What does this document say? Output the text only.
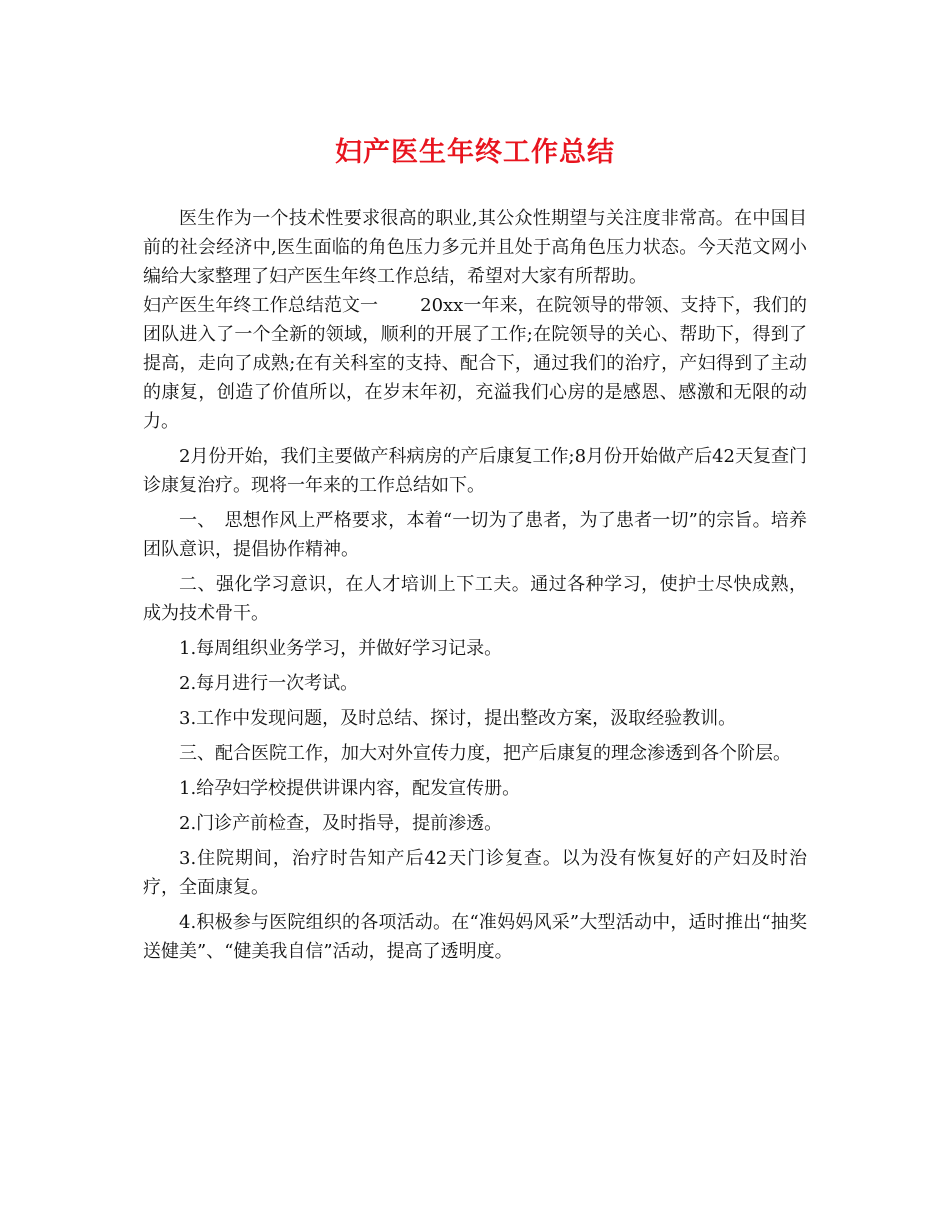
妇产医生年终工作总结

医生作为一个技术性要求很高的职业,其公众性期望与关注度非常高。在中国目前的社会经济中,医生面临的角色压力多元并且处于高角色压力状态。今天范文网小编给大家整理了妇产医生年终工作总结，希望对大家有所帮助。

妇产医生年终工作总结范文一 　　20xx一年来，在院领导的带领、支持下，我们的团队进入了一个全新的领域，顺利的开展了工作;在院领导的关心、帮助下，得到了提高，走向了成熟;在有关科室的支持、配合下，通过我们的治疗，产妇得到了主动的康复，创造了价值所以，在岁末年初，充溢我们心房的是感恩、感激和无限的动力。

2月份开始，我们主要做产科病房的产后康复工作;8月份开始做产后42天复查门诊康复治疗。现将一年来的工作总结如下。

一、　思想作风上严格要求，本着“一切为了患者，为了患者一切”的宗旨。培养团队意识，提倡协作精神。

二、强化学习意识，在人才培训上下工夫。通过各种学习，使护士尽快成熟，成为技术骨干。

1.每周组织业务学习，并做好学习记录。

2.每月进行一次考试。

3.工作中发现问题，及时总结、探讨，提出整改方案，汲取经验教训。

三、配合医院工作，加大对外宣传力度，把产后康复的理念渗透到各个阶层。

1.给孕妇学校提供讲课内容，配发宣传册。

2.门诊产前检查，及时指导，提前渗透。

3.住院期间，治疗时告知产后42天门诊复查。以为没有恢复好的产妇及时治疗，全面康复。

4.积极参与医院组织的各项活动。在“准妈妈风采”大型活动中，适时推出“抽奖送健美”、“健美我自信”活动，提高了透明度。
